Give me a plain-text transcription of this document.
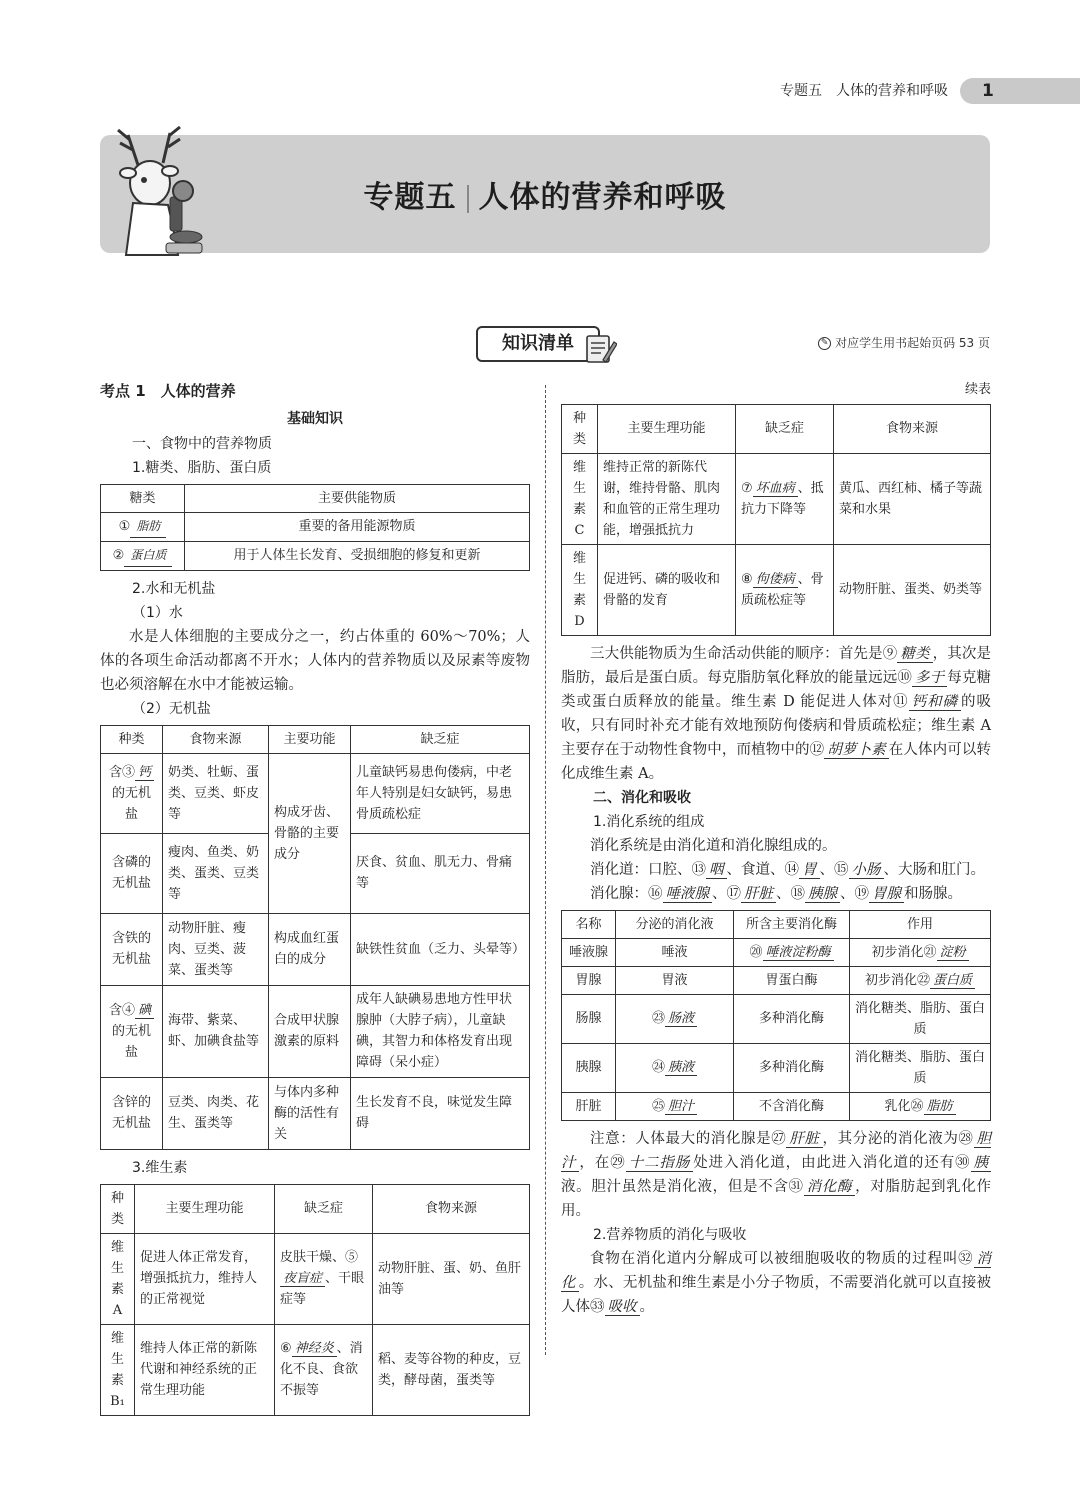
专题五　人体的营养和呼吸	1
专题五 人体的营养和呼吸
知识清单	✎ 对应学生用书起始页码 53 页
考点 1　人体的营养
基础知识
一、食物中的营养物质
1.糖类、脂肪、蛋白质
糖类	主要供能物质
① 脂肪	重要的备用能源物质
② 蛋白质	用于人体生长发育、受损细胞的修复和更新
2.水和无机盐
（1）水

水是人体细胞的主要成分之一，约占体重的 60%～70%；人体的各项生命活动都离不开水；人体内的营养物质以及尿素等废物也必须溶解在水中才能被运输。

（2）无机盐
种类	食物来源	主要功能	缺乏症
含③ 钙的无机盐	奶类、牡蛎、蛋类、豆类、虾皮等	构成牙齿、骨骼的主要成分	儿童缺钙易患佝偻病，中老年人特别是妇女缺钙，易患骨质疏松症
含磷的无机盐	瘦肉、鱼类、奶类、蛋类、豆类等		厌食、贫血、肌无力、骨痛等
含铁的无机盐	动物肝脏、瘦肉、豆类、菠菜、蛋类等	构成血红蛋白的成分	缺铁性贫血（乏力、头晕等）
含④ 碘的无机盐	海带、紫菜、虾、加碘食盐等	合成甲状腺激素的原料	成年人缺碘易患地方性甲状腺肿（大脖子病），儿童缺碘，其智力和体格发育出现障碍（呆小症）
含锌的无机盐	豆类、肉类、花生、蛋类等	与体内多种酶的活性有关	生长发育不良，味觉发生障碍
3.维生素
种类	主要生理功能	缺乏症	食物来源
维生素 A	促进人体正常发育，增强抵抗力，维持人的正常视觉	皮肤干燥、⑤夜盲症 、干眼症等	动物肝脏、蛋、奶、鱼肝油等
维生素 B₁	维持人体正常的新陈代谢和神经系统的正常生理功能	⑥ 神经炎 、消化不良、食欲不振等	稻、麦等谷物的种皮，豆类，酵母菌，蛋类等
续表
种类	主要生理功能	缺乏症	食物来源
维生素 C	维持正常的新陈代谢，维持骨骼、肌肉和血管的正常生理功能，增强抵抗力	⑦ 坏血病 、抵抗力下降等	黄瓜、西红柿、橘子等蔬菜和水果
维生素 D	促进钙、磷的吸收和骨骼的发育	⑧ 佝偻病 、骨质疏松症等	动物肝脏、蛋类、奶类等

三大供能物质为生命活动供能的顺序：首先是⑨ 糖类 ，其次是脂肪，最后是蛋白质。每克脂肪氧化释放的能量远远⑩ 多于 每克糖类或蛋白质释放的能量。维生素 D 能促进人体对⑪ 钙和磷 的吸收，只有同时补充才能有效地预防佝偻病和骨质疏松症；维生素 A 主要存在于动物性食物中，而植物中的⑫ 胡萝卜素 在人体内可以转化成维生素 A。

二、消化和吸收
1.消化系统的组成

消化系统是由消化道和消化腺组成的。

消化道：口腔、⑬ 咽 、食道、⑭ 胃 、⑮ 小肠 、大肠和肛门。

消化腺：⑯ 唾液腺 、⑰ 肝脏 、⑱ 胰腺 、⑲ 胃腺 和肠腺。

名称	分泌的消化液	所含主要消化酶	作用
唾液腺	唾液	⑳ 唾液淀粉酶	初步消化㉑ 淀粉
胃腺	胃液	胃蛋白酶	初步消化㉒ 蛋白质
肠腺	㉓ 肠液	多种消化酶	消化糖类、脂肪、蛋白质
胰腺	㉔ 胰液	多种消化酶	消化糖类、脂肪、蛋白质
肝脏	㉕ 胆汁	不含消化酶	乳化㉖ 脂肪

注意：人体最大的消化腺是㉗ 肝脏 ，其分泌的消化液为㉘ 胆汁 ，在㉙ 十二指肠 处进入消化道，由此进入消化道的还有㉚ 胰液。胆汁虽然是消化液，但是不含㉛ 消化酶 ，对脂肪起到乳化作用。

2.营养物质的消化与吸收

食物在消化道内分解成可以被细胞吸收的物质的过程叫㉜ 消化 。水、无机盐和维生素是小分子物质，不需要消化就可以直接被人体㉝ 吸收 。
